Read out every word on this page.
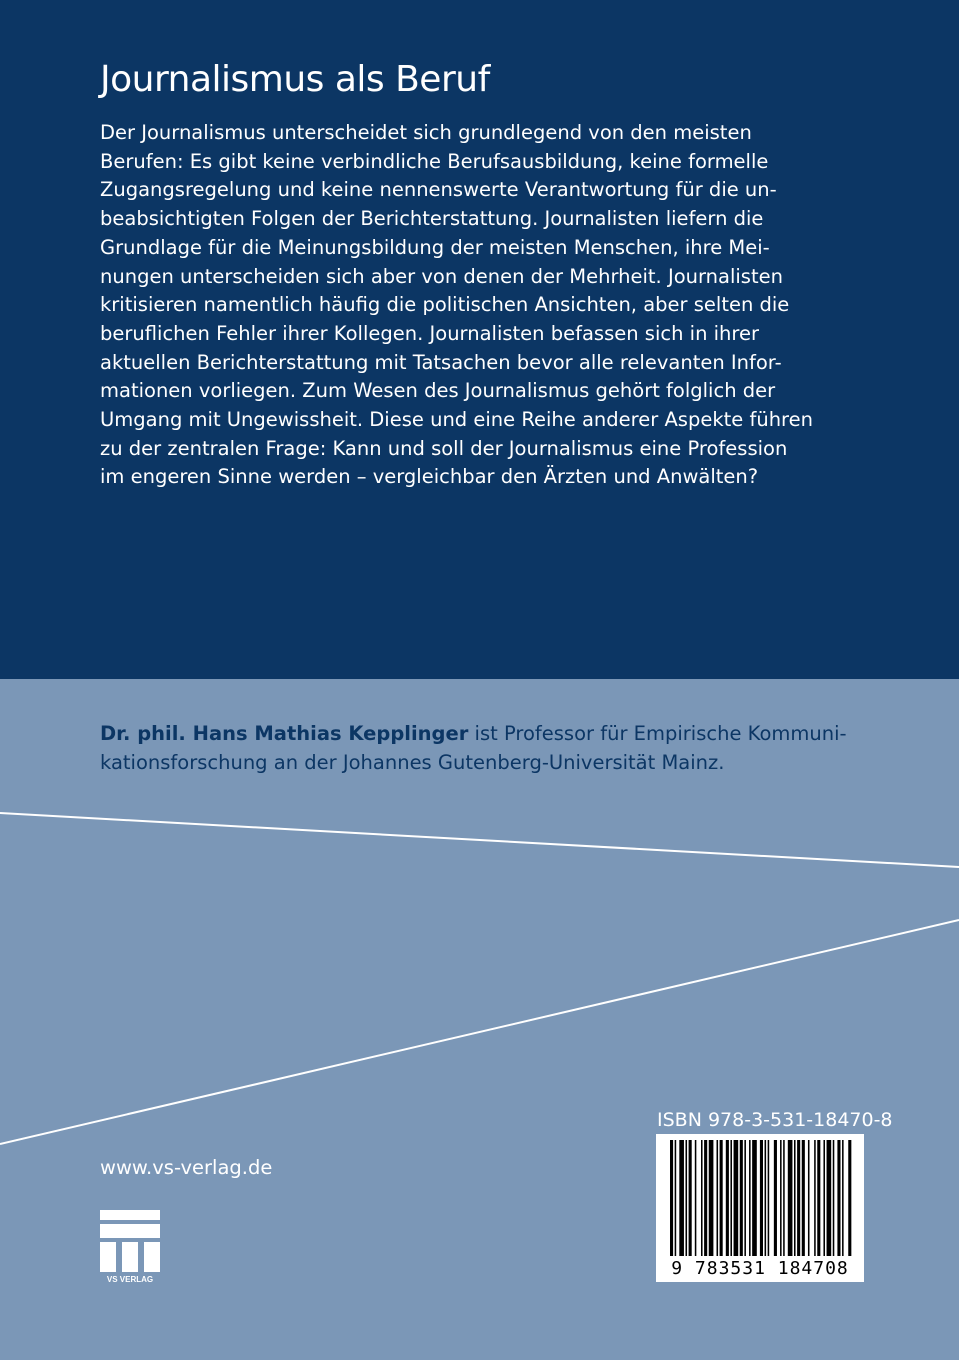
Journalismus als Beruf

Der Journalismus unterscheidet sich grundlegend von den meisten
Berufen: Es gibt keine verbindliche Berufsausbildung, keine formelle
Zugangsregelung und keine nennenswerte Verantwortung für die un-
beabsichtigten Folgen der Berichterstattung. Journalisten liefern die
Grundlage für die Meinungsbildung der meisten Menschen, ihre Mei-
nungen unterscheiden sich aber von denen der Mehrheit. Journalisten
kritisieren namentlich häufig die politischen Ansichten, aber selten die
beruflichen Fehler ihrer Kollegen. Journalisten befassen sich in ihrer
aktuellen Berichterstattung mit Tatsachen bevor alle relevanten Infor-
mationen vorliegen. Zum Wesen des Journalismus gehört folglich der
Umgang mit Ungewissheit. Diese und eine Reihe anderer Aspekte führen
zu der zentralen Frage: Kann und soll der Journalismus eine Profession
im engeren Sinne werden – vergleichbar den Ärzten und Anwälten?

Dr. phil. Hans Mathias Kepplinger ist Professor für Empirische Kommuni-
kationsforschung an der Johannes Gutenberg-Universität Mainz.

www.vs-verlag.de
VS VERLAG
ISBN 978-3-531-18470-8
9 783531 184708
